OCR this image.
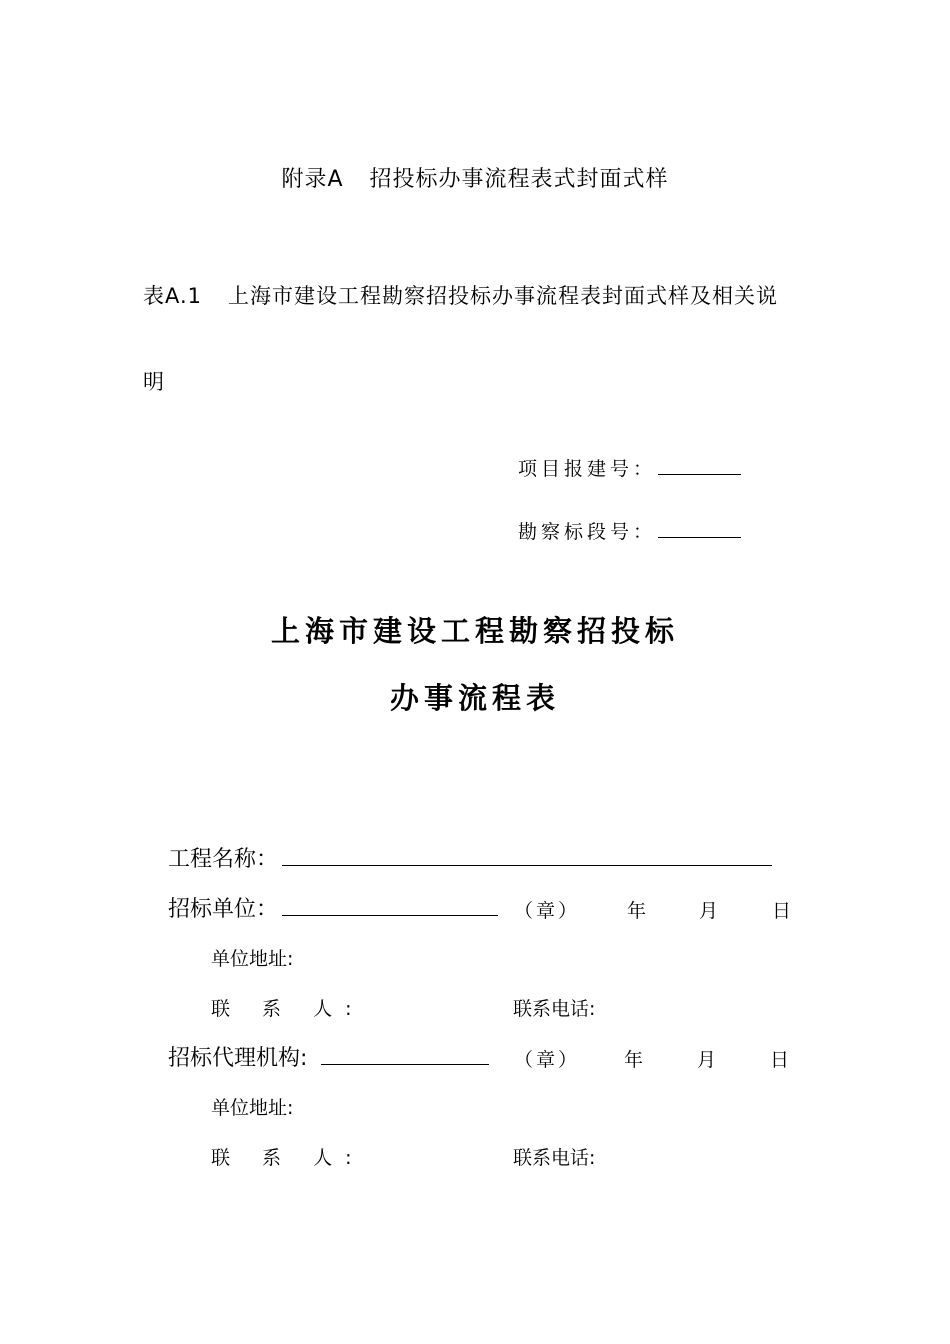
附录A 招投标办事流程表式封面式样
表A.1 上海市建设工程勘察招投标办事流程表封面式样及相关说
明
项目报建号：
勘察标段号：
上海市建设工程勘察招投标
办事流程表
工程名称：
招标单位：	（章） 年	月	日
单位地址:
联 系 人:	联系电话:
招标代理机构:	（章） 年	月	日
单位地址:
联 系 人:	联系电话:
